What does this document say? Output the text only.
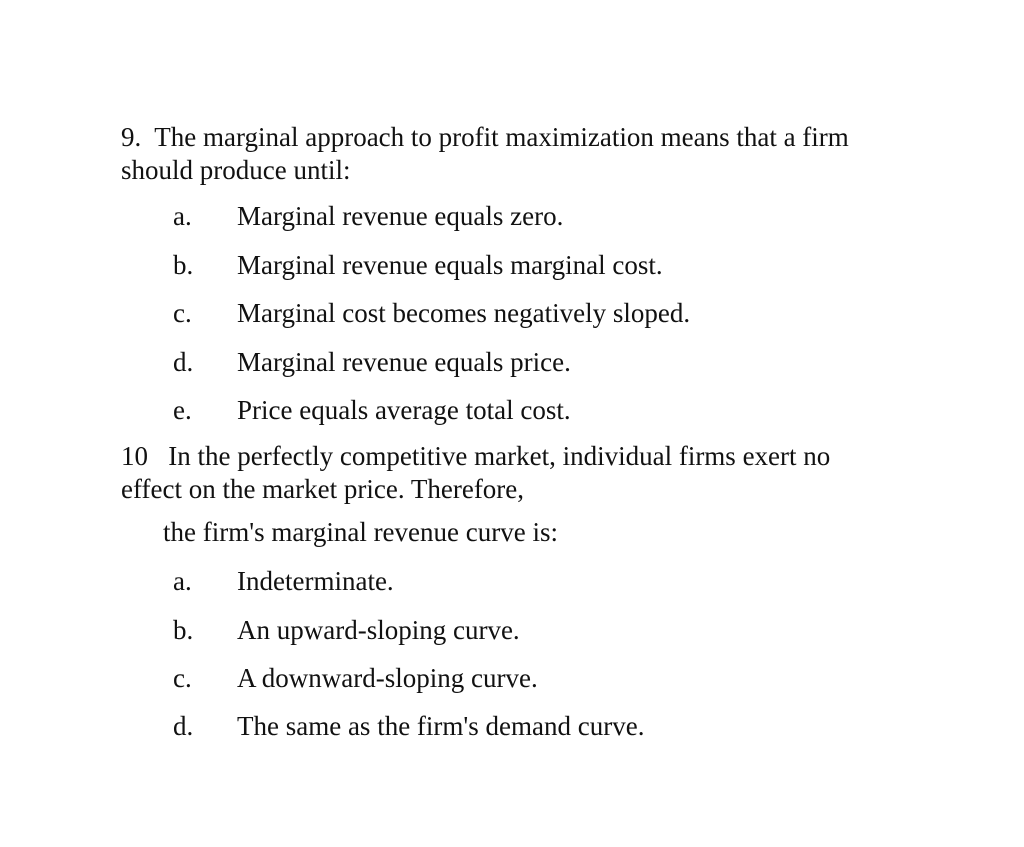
9. The marginal approach to profit maximization means that a firm should produce until:
a. Marginal revenue equals zero.
b. Marginal revenue equals marginal cost.
c. Marginal cost becomes negatively sloped.
d. Marginal revenue equals price.
e. Price equals average total cost.
10 In the perfectly competitive market, individual firms exert no effect on the market price. Therefore,
the firm's marginal revenue curve is:
a. Indeterminate.
b. An upward-sloping curve.
c. A downward-sloping curve.
d. The same as the firm's demand curve.
